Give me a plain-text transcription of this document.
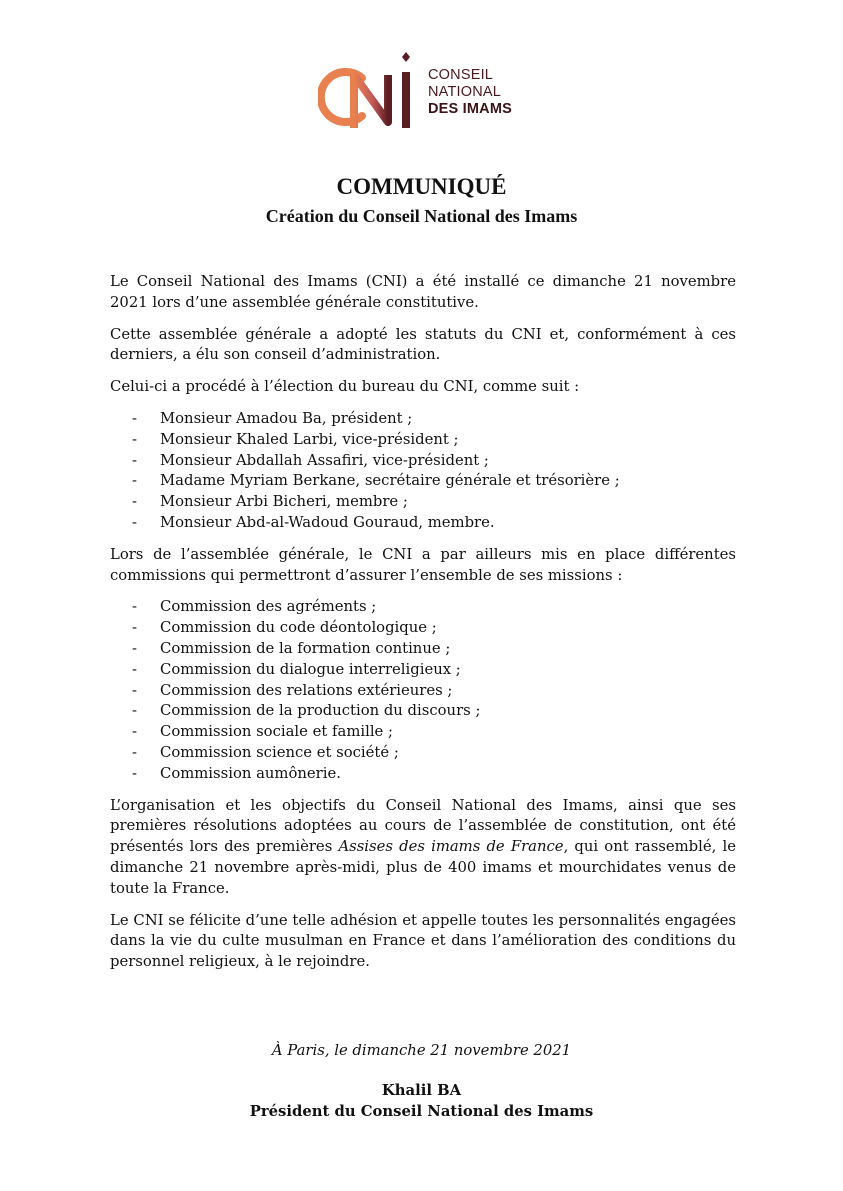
CONSEIL
NATIONAL
DES IMAMS
COMMUNIQUÉ
Création du Conseil National des Imams

Le Conseil National des Imams (CNI) a été installé ce dimanche 21 novembre 2021 lors d’une assemblée générale constitutive.

Cette assemblée générale a adopté les statuts du CNI et, conformément à ces derniers, a élu son conseil d’administration.

Celui-ci a procédé à l’élection du bureau du CNI, comme suit :

- Monsieur Amadou Ba, président ;
- Monsieur Khaled Larbi, vice-président ;
- Monsieur Abdallah Assafiri, vice-président ;
- Madame Myriam Berkane, secrétaire générale et trésorière ;
- Monsieur Arbi Bicheri, membre ;
- Monsieur Abd-al-Wadoud Gouraud, membre.

Lors de l’assemblée générale, le CNI a par ailleurs mis en place différentes commissions qui permettront d’assurer l’ensemble de ses missions :

- Commission des agréments ;
- Commission du code déontologique ;
- Commission de la formation continue ;
- Commission du dialogue interreligieux ;
- Commission des relations extérieures ;
- Commission de la production du discours ;
- Commission sociale et famille ;
- Commission science et société ;
- Commission aumônerie.

L’organisation et les objectifs du Conseil National des Imams, ainsi que ses premières résolutions adoptées au cours de l’assemblée de constitution, ont été présentés lors des premières Assises des imams de France, qui ont rassemblé, le dimanche 21 novembre après-midi, plus de 400 imams et mourchidates venus de toute la France.

Le CNI se félicite d’une telle adhésion et appelle toutes les personnalités engagées dans la vie du culte musulman en France et dans l’amélioration des conditions du personnel religieux, à le rejoindre.

À Paris, le dimanche 21 novembre 2021
Khalil BA
Président du Conseil National des Imams
